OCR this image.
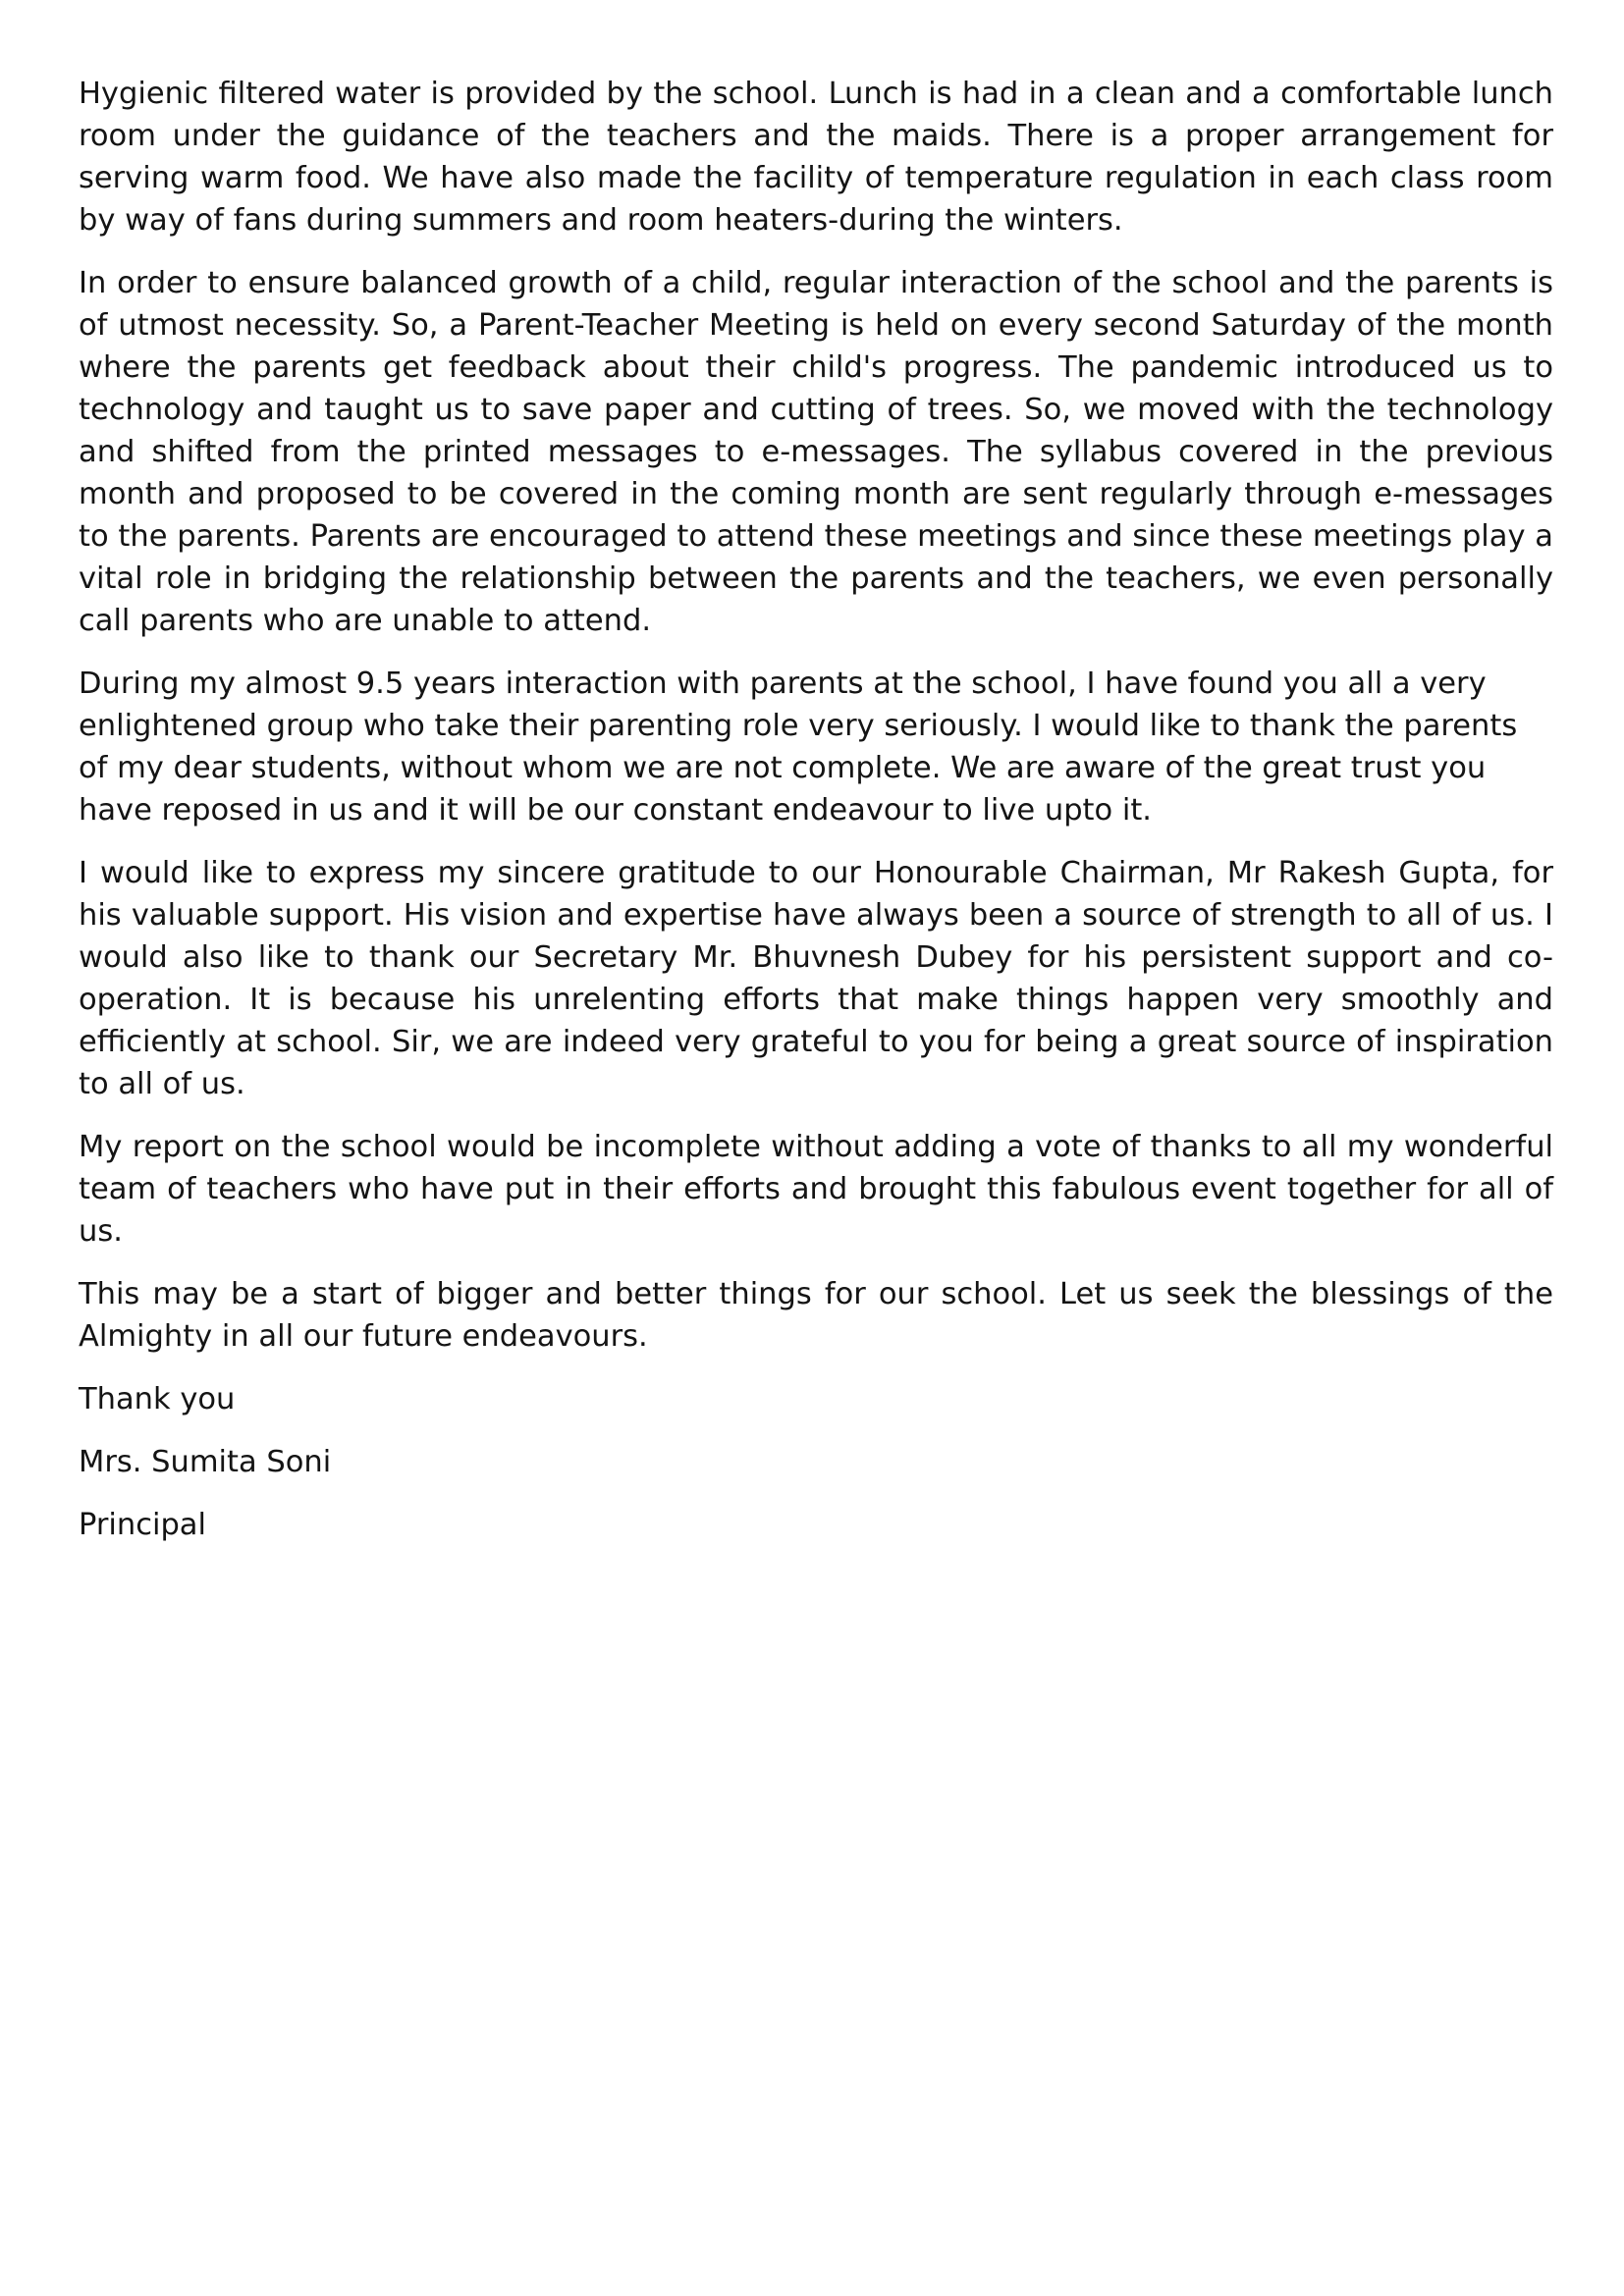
Hygienic filtered water is provided by the school. Lunch is had in a clean and a comfortable lunch room under the guidance of the teachers and the maids. There is a proper arrangement for serving warm food. We have also made the facility of temperature regulation in each class room by way of fans during summers and room heaters-during the winters.

In order to ensure balanced growth of a child, regular interaction of the school and the parents is of utmost necessity. So, a Parent-Teacher Meeting is held on every second Saturday of the month where the parents get feedback about their child's progress. The pandemic introduced us to technology and taught us to save paper and cutting of trees. So, we moved with the technology and shifted from the printed messages to e-messages. The syllabus covered in the previous month and proposed to be covered in the coming month are sent regularly through e-messages to the parents. Parents are encouraged to attend these meetings and since these meetings play a vital role in bridging the relationship between the parents and the teachers, we even personally call parents who are unable to attend.

During my almost 9.5 years interaction with parents at the school, I have found you all a very enlightened group who take their parenting role very seriously. I would like to thank the parents of my dear students, without whom we are not complete. We are aware of the great trust you have reposed in us and it will be our constant endeavour to live upto it.

I would like to express my sincere gratitude to our Honourable Chairman, Mr Rakesh Gupta, for his valuable support. His vision and expertise have always been a source of strength to all of us. I would also like to thank our Secretary Mr. Bhuvnesh Dubey for his persistent support and co-operation. It is because his unrelenting efforts that make things happen very smoothly and efficiently at school. Sir, we are indeed very grateful to you for being a great source of inspiration to all of us.

My report on the school would be incomplete without adding a vote of thanks to all my wonderful team of teachers who have put in their efforts and brought this fabulous event together for all of us.

This may be a start of bigger and better things for our school. Let us seek the blessings of the Almighty in all our future endeavours.

Thank you

Mrs. Sumita Soni

Principal
